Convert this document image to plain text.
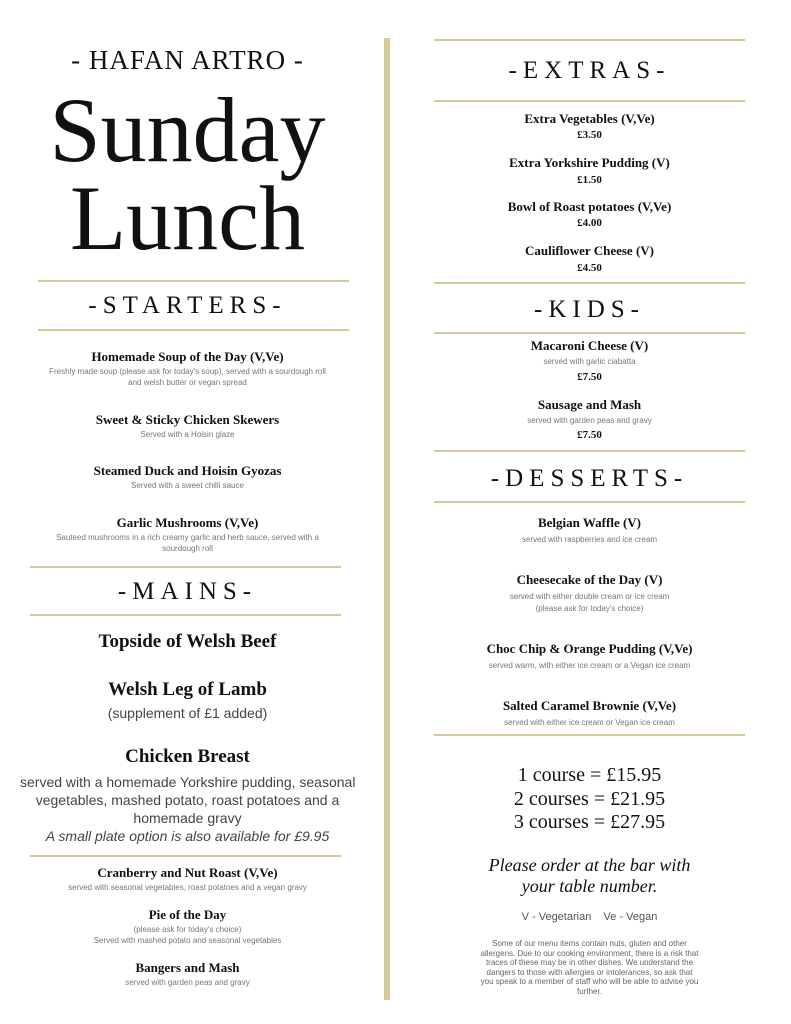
- HAFAN ARTRO -
Sunday
Lunch
-STARTERS-
Homemade Soup of the Day (V,Ve)
Freshly made soup (please ask for today's soup), served with a sourdough roll
and welsh butter or vegan spread
Sweet & Sticky Chicken Skewers
Served with a Hoisin glaze
Steamed Duck and Hoisin Gyozas
Served with a sweet chilli sauce
Garlic Mushrooms (V,Ve)
Sauteed mushrooms in a rich creamy garlic and herb sauce, served with a
sourdough roll
-MAINS-
Topside of Welsh Beef
Welsh Leg of Lamb
(supplement of £1 added)
Chicken Breast
served with a homemade Yorkshire pudding, seasonal
vegetables, mashed potato, roast potatoes and a
homemade gravy
A small plate option is also available for £9.95
Cranberry and Nut Roast (V,Ve)
served with seasonal vegetables, roast potatoes and a vegan gravy
Pie of the Day
(please ask for today's choice)
Served with mashed potato and seasonal vegetables
Bangers and Mash
served with garden peas and gravy
-EXTRAS-
Extra Vegetables (V,Ve)
£3.50
Extra Yorkshire Pudding (V)
£1.50
Bowl of Roast potatoes (V,Ve)
£4.00
Cauliflower Cheese (V)
£4.50
-KIDS-
Macaroni Cheese (V)
served with garlic ciabatta
£7.50
Sausage and Mash
served with garden peas and gravy
£7.50
-DESSERTS-
Belgian Waffle (V)
served with raspberries and ice cream
Cheesecake of the Day (V)
served with either double cream or ice cream
(please ask for today's choice)
Choc Chip & Orange Pudding (V,Ve)
served warm, with either ice cream or a Vegan ice cream
Salted Caramel Brownie (V,Ve)
served with either ice cream or Vegan ice cream
1 course = £15.95
2 courses = £21.95
3 courses = £27.95
Please order at the bar with
your table number.
V - Vegetarian    Ve - Vegan
Some of our menu items contain nuts, gluten and other
allergens. Due to our cooking environment, there is a risk that
traces of these may be in other dishes. We understand the
dangers to those with allergies or intolerances, so ask that
you speak to a member of staff who will be able to advise you
further.
